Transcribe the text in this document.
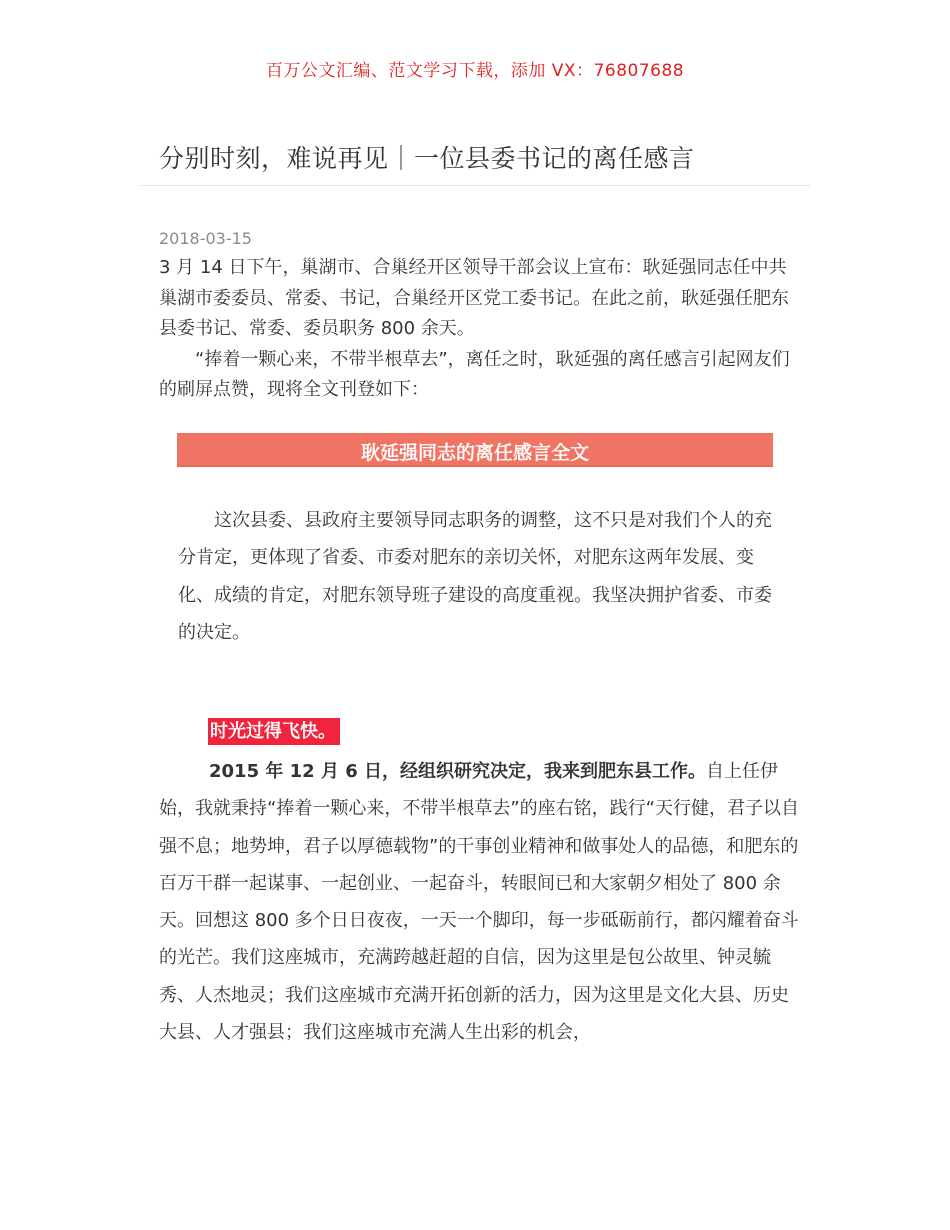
百万公文汇编、范文学习下载，添加 VX：76807688
分别时刻，难说再见｜一位县委书记的离任感言
2018-03-15

3 月 14 日下午，巢湖市、合巢经开区领导干部会议上宣布：耿延强同志任中共巢湖市委委员、常委、书记，合巢经开区党工委书记。在此之前，耿延强任肥东县委书记、常委、委员职务 800 余天。

“捧着一颗心来，不带半根草去”，离任之时，耿延强的离任感言引起网友们的刷屏点赞，现将全文刊登如下：

耿延强同志的离任感言全文

这次县委、县政府主要领导同志职务的调整，这不只是对我们个人的充分肯定，更体现了省委、市委对肥东的亲切关怀，对肥东这两年发展、变化、成绩的肯定，对肥东领导班子建设的高度重视。我坚决拥护省委、市委的决定。

时光过得飞快。

2015 年 12 月 6 日，经组织研究决定，我来到肥东县工作。自上任伊始，我就秉持“捧着一颗心来，不带半根草去”的座右铭，践行“天行健，君子以自强不息；地势坤，君子以厚德载物”的干事创业精神和做事处人的品德，和肥东的百万干群一起谋事、一起创业、一起奋斗，转眼间已和大家朝夕相处了 800 余天。回想这 800 多个日日夜夜，一天一个脚印，每一步砥砺前行，都闪耀着奋斗的光芒。我们这座城市，充满跨越赶超的自信，因为这里是包公故里、钟灵毓秀、人杰地灵；我们这座城市充满开拓创新的活力，因为这里是文化大县、历史大县、人才强县；我们这座城市充满人生出彩的机会，
